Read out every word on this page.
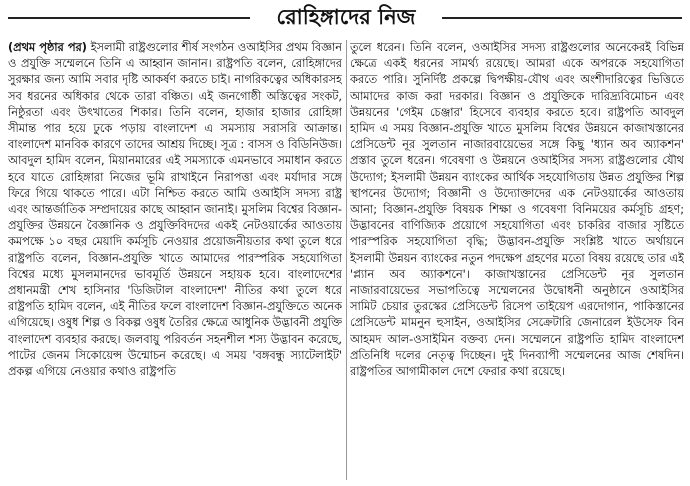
রোহিঙ্গাদের নিজ

(প্রথম পৃষ্ঠার পর) ইসলামী রাষ্ট্রগুলোর শীর্ষ সংগঠন ওআইসির প্রথম বিজ্ঞান ও প্রযুক্তি সম্মেলনে তিনি এ আহ্বান জানান। রাষ্ট্রপতি বলেন, রোহিঙ্গাদের সুরক্ষার জন্য আমি সবার দৃষ্টি আকর্ষণ করতে চাই। নাগরিকত্বের অধিকারসহ সব ধরনের অধিকার থেকে তারা বঞ্চিত। এই জনগোষ্ঠী অস্তিত্বের সংকট, নিষ্ঠুরতা এবং উৎখাতের শিকার। তিনি বলেন, হাজার হাজার রোহিঙ্গা সীমান্ত পার হয়ে ঢুকে পড়ায় বাংলাদেশ এ সমস্যায় সরাসরি আক্রান্ত। বাংলাদেশ মানবিক কারণে তাদের আশ্রয় দিচ্ছে। সূত্র : বাসস ও বিডিনিউজ। আবদুল হামিদ বলেন, মিয়ানমারের এই সমস্যাকে এমনভাবে সমাধান করতে হবে যাতে রোহিঙ্গারা নিজের ভূমি রাখাইনে নিরাপত্তা এবং মর্যাদার সঙ্গে ফিরে গিয়ে থাকতে পারে। এটা নিশ্চিত করতে আমি ওআইসি সদস্য রাষ্ট্র এবং আন্তর্জাতিক সম্প্রদায়ের কাছে আহ্বান জানাই। মুসলিম বিশ্বের বিজ্ঞান-প্রযুক্তির উন্নয়নে বৈজ্ঞানিক ও প্রযুক্তিবিদদের একই নেটওয়ার্কের আওতায় কমপক্ষে ১০ বছর মেয়াদি কর্মসূচি নেওয়ার প্রয়োজনীয়তার কথা তুলে ধরে রাষ্ট্রপতি বলেন, বিজ্ঞান-প্রযুক্তি খাতে আমাদের পারস্পরিক সহযোগিতা বিশ্বের মধ্যে মুসলমানদের ভাবমূর্তি উন্নয়নে সহায়ক হবে। বাংলাদেশের প্রধানমন্ত্রী শেখ হাসিনার 'ডিজিটাল বাংলাদেশ' নীতির কথা তুলে ধরে রাষ্ট্রপতি হামিদ বলেন, এই নীতির ফলে বাংলাদেশ বিজ্ঞান-প্রযুক্তিতে অনেক এগিয়েছে। ওষুধ শিল্প ও বিকল্প ওষুধ তৈরির ক্ষেত্রে আধুনিক উদ্ভাবনী প্রযুক্তি বাংলাদেশ ব্যবহার করছে। জলবায়ু পরিবর্তন সহনশীল শস্য উদ্ভাবন করেছে, পাটের জেনম সিকোয়েন্স উন্মোচন করেছে। এ সময় 'বঙ্গবন্ধু স্যাটেলাইট' প্রকল্প এগিয়ে নেওয়ার কথাও রাষ্ট্রপতি

তুলে ধরেন। তিনি বলেন, ওআইসির সদস্য রাষ্ট্রগুলোর অনেকেরই বিভিন্ন ক্ষেত্রে একই ধরনের সামর্থ্য রয়েছে। আমরা একে অপরকে সহযোগিতা করতে পারি। সুনির্দিষ্ট প্রকল্পে দ্বিপক্ষীয়-যৌথ এবং অংশীদারিত্বের ভিত্তিতে আমাদের কাজ করা দরকার। বিজ্ঞান ও প্রযুক্তিকে দারিদ্র্যবিমোচন এবং উন্নয়নের 'গেইম চেঞ্জার' হিসেবে ব্যবহার করতে হবে। রাষ্ট্রপতি আবদুল হামিদ এ সময় বিজ্ঞান-প্রযুক্তি খাতে মুসলিম বিশ্বের উন্নয়নে কাজাখস্তানের প্রেসিডেন্ট নূর সুলতান নাজারবায়েভের সঙ্গে কিছু 'ধ্যান অব অ্যাকশন' প্রস্তাব তুলে ধরেন। গবেষণা ও উন্নয়নে ওআইসির সদস্য রাষ্ট্রগুলোর যৌথ উদ্যোগ; ইসলামী উন্নয়ন ব্যাংকের আর্থিক সহযোগিতায় উন্নত প্রযুক্তির শিল্প স্থাপনের উদ্যোগ; বিজ্ঞানী ও উদ্যোক্তাদের এক নেটওয়ার্কের আওতায় আনা; বিজ্ঞান-প্রযুক্তি বিষয়ক শিক্ষা ও গবেষণা বিনিময়ের কর্মসূচি গ্রহণ; উদ্ভাবনের বাণিজ্যিক প্রয়োগে সহযোগিতা এবং চাকরির বাজার সৃষ্টিতে পারস্পরিক সহযোগিতা বৃদ্ধি; উদ্ভাবন-প্রযুক্তি সংশ্লিষ্ট খাতে অর্থায়নে ইসলামী উন্নয়ন ব্যাংকের নতুন পদক্ষেপ গ্রহণের মতো বিষয় রয়েছে তার এই 'প্ল্যান অব অ্যাকশনে'। কাজাখস্তানের প্রেসিডেন্ট নূর সুলতান নাজারবায়েভের সভাপতিত্বে সম্মেলনের উদ্বোধনী অনুষ্ঠানে ওআইসির সামিট চেয়ার তুরস্কের প্রেসিডেন্ট রিসেপ তাইয়েপ এরদোগান, পাকিস্তানের প্রেসিডেন্ট মামনুন হুসাইন, ওআইসির সেক্রেটারি জেনারেল ইউসেফ বিন আহমদ আল-ওসাইমিন বক্তব্য দেন। সম্মেলনে রাষ্ট্রপতি হামিদ বাংলাদেশ প্রতিনিধি দলের নেতৃত্ব দিচ্ছেন। দুই দিনব্যাপী সম্মেলনের আজ শেষদিন। রাষ্ট্রপতির আগামীকাল দেশে ফেরার কথা রয়েছে।
